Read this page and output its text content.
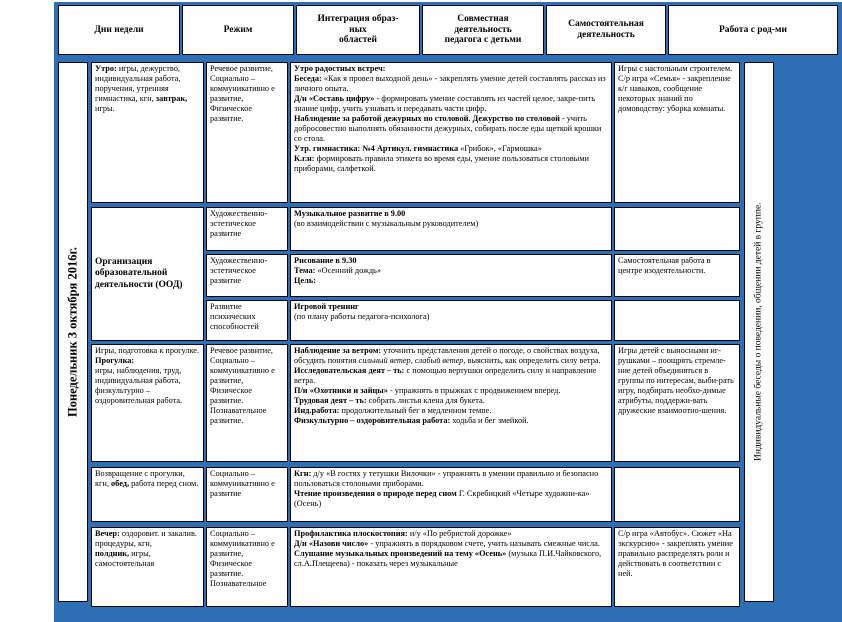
Дни недели	Режим
Интеграция образ-
ных
областей
Совместная
деятельность
педагога с детьми
Самостоятельная
деятельность
Работа с род-ми
Понедельник 3 октября 2016г.	Индивидуальные беседы о поведении, общении детей в группе.
Утро: игры, дежурство, индивидуальная работа, поручения, утренняя гимнастика, кгн, завтрак, игры.
Речевое развитие, Социально – коммуникативно е развитие, Физическое развитие.

Утро радостных встреч:

Беседа: «Как я провел выходной день» - закреплять умение детей составлять рассказ из личного опыта.

Д/и «Составь цифру» - формировать умение составлять из частей целое, закре-пить знание цифр, учить узнавать и передавать части цифр.

Наблюдение за работой дежурных по столовой. Дежурство по столовой - учить добросовестно выполнять обязанности дежурных, собирать после еды щеткой крошки со стола.

Утр. гимнастика: №4 Артикул. гимнастика «Грибок», «Гармошка»

К.г.н: формировать правила этикета во время еды, умение пользоваться столовыми приборами, салфеткой.

Игры с настольным строителем. С/р игра «Семья» - закрепление к/г навыков, сообщение некоторых знаний по домоводству: уборка комнаты.
Организация образовательной деятельности (ООД)
Художественно-эстетическое развитие

Музыкальное развитие в 9.00

(во взаимодействии с музыкальным руководителем)

Художественно-эстетическое развитие

Рисование в 9.30

Тема: «Осенний дождь»

Цель:

Самостоятельная работа в центре изодеятельности.
Развитие психических способностей

Игровой тренинг

(по плану работы педагога-психолога)

Игры, подготовка к прогулке.

Прогулка:

игры, наблюдения, труд, индивидуальная работа, физкультурно – оздоровительная работа.

Речевое развитие, Социально – коммуникативно е развитие, Физическое развитие. Познавательное развитие.

Наблюдение за ветром: уточнить представления детей о погоде, о свойствах воздуха, обсудить понятия сильный ветер, слабый ветер, выяснить, как определить силу ветра.

Исследовательская деят – ть: с помощью вертушки определить силу и направление ветра.

П/и «Охотники и зайцы» - упражнять в прыжках с продвижением вперед.

Трудовая деят – ть: собрать листья клена для букета.

Инд.работа: продолжительный бег в медленном темпе.

Физкультурно – оздоровительная работа: ходьба и бег змейкой.

Игры детей с выносными иг-рушками – поощрять стремле-ние детей объединяться в группы по интересам, выби-рать игру, подбирать необхо-димые атрибуты, поддержи-вать дружеские взаимоотно-шения.
Возвращение с прогулки, кгн, обед, работа перед сном.
Социально – коммуникативно е развитие

Кгн: д/у «В гостях у тетушки Вилочки» - упражнять в умении правильно и безопасно пользоваться столовыми приборами.

Чтение произведения о природе перед сном Г. Скребицкий «Четыре художни-ка» (Осень)

Вечер: оздоровит. и закалив. процедуры, кгн,
полдник, игры, самостоятельная
Социально – коммуникативно е развитие, Физическое развитие. Познавательное

Профилактика плоскостопия: и/у «По ребристой дорожке»

Д/и «Назови число» - упражнять в порядковом счете, учить называть смежные числа.

Слушание музыкальных произведений на тему «Осень» (музыка П.И.Чайковского, сл.А.Плещеева) - показать через музыкальные

С/р игра «Автобус». Сюжет «На экскурсию» - закреплять умение правильно распределять роли и действовать в соответствии с ней.
